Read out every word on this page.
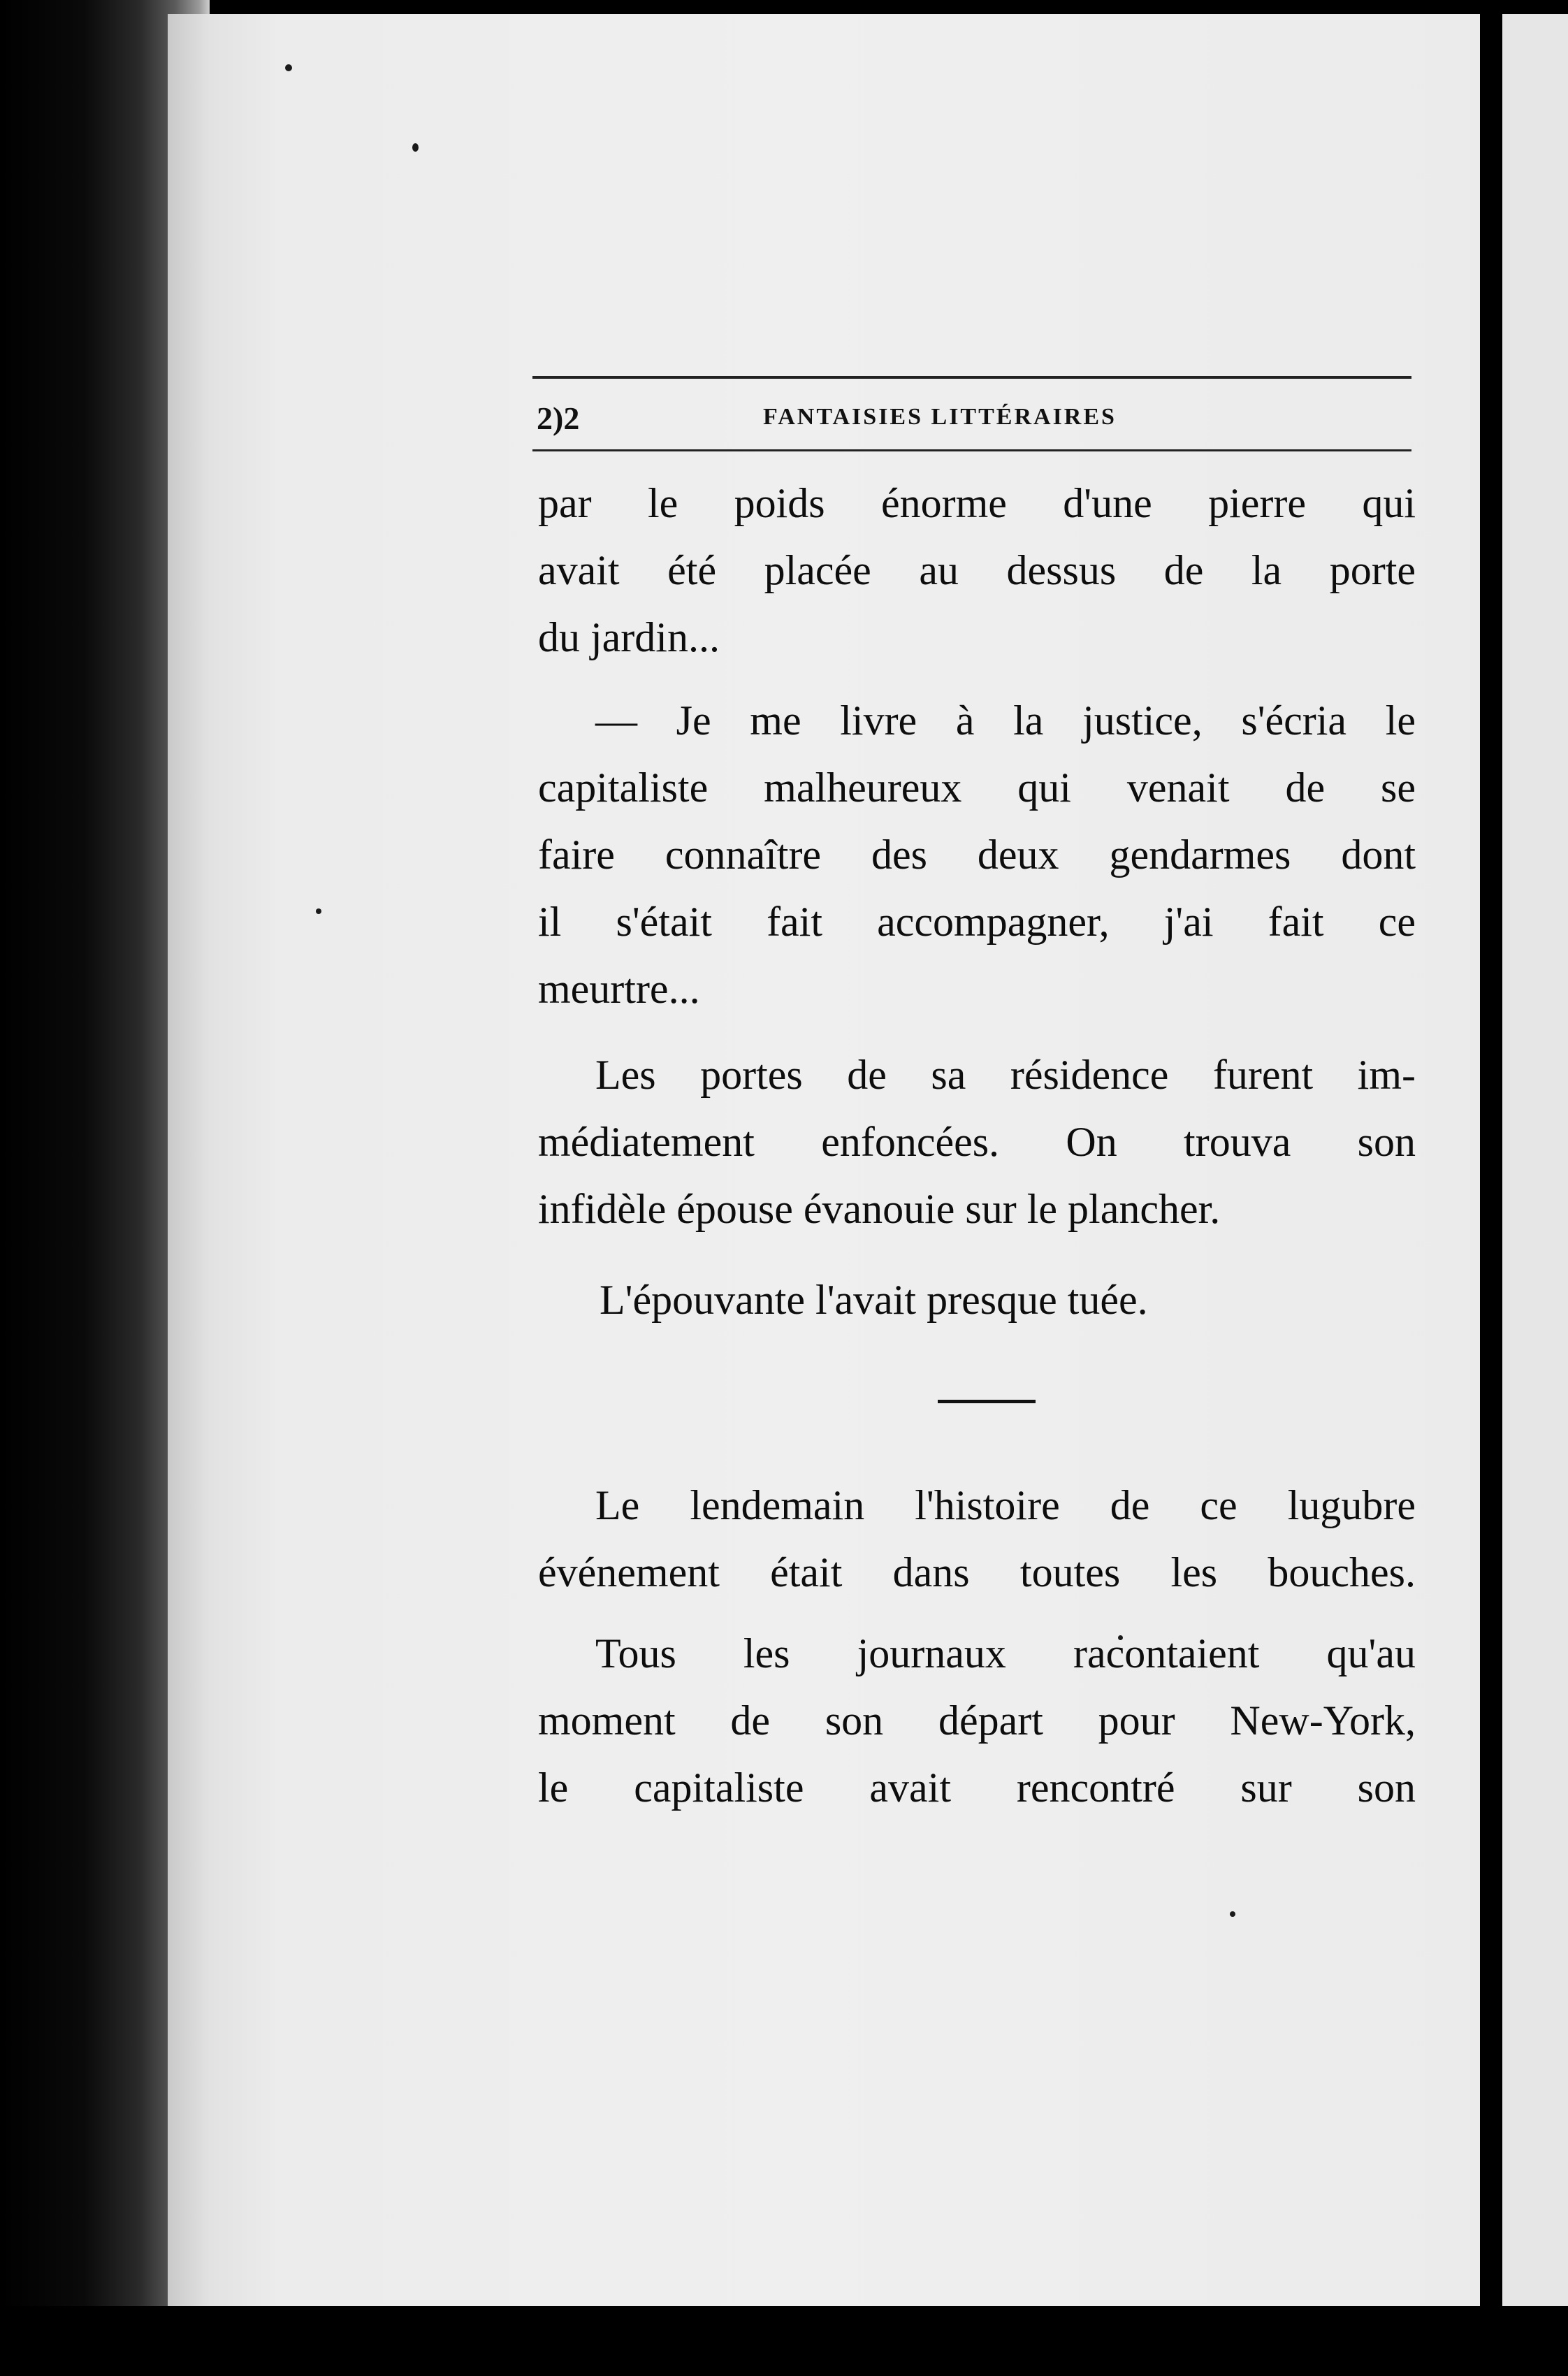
2)2	FANTAISIES LITTÉRAIRES
par le poids énorme d'une pierre qui
avait été placée au dessus de la porte
du jardin...
— Je me livre à la justice, s'écria le
capitaliste malheureux qui venait de se
faire connaître des deux gendarmes dont
il s'était fait accompagner, j'ai fait ce
meurtre...
Les portes de sa résidence furent im-
médiatement enfoncées. On trouva son
infidèle épouse évanouie sur le plancher.
L'épouvante l'avait presque tuée.
Le lendemain l'histoire de ce lugubre
événement était dans toutes les bouches.
Tous les journaux racontaient qu'au
moment de son départ pour New-York,
le capitaliste avait rencontré sur son
